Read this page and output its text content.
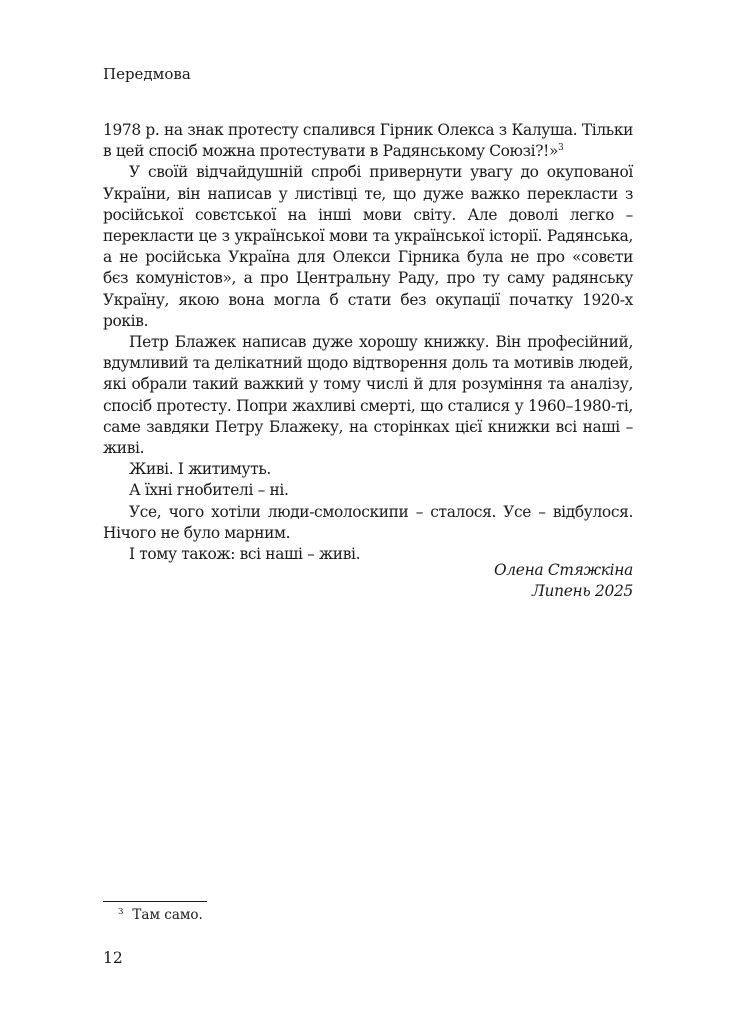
Передмова

1978 р. на знак протесту спалився Гірник Олекса з Калуша. Тільки в цей спосіб можна протестувати в Радянському Союзі?!»$^3$

У своїй відчайдушній спробі привернути увагу до окупованої України, він написав у листівці те, що дуже важко перекласти з російської совєтської на інші мови світу. Але доволі легко – перекласти це з української мови та української історії. Радянська, а не російська Україна для Олекси Гірника була не про «совєти бєз комуністов», а про Центральну Раду, про ту саму радянську Україну, якою вона могла б стати без окупації початку 1920-х років.

Петр Блажек написав дуже хорошу книжку. Він професійний, вдумливий та делікатний щодо відтворення доль та мотивів людей, які обрали такий важкий у тому числі й для розуміння та аналізу, спосіб протесту. Попри жахливі смерті, що сталися у 1960–1980-ті, саме завдяки Петру Блажеку, на сторінках цієї книжки всі наші – живі.

Живі. І житимуть.

А їхні гнобителі – ні.

Усе, чого хотіли люди-смолоскипи – сталося. Усе – відбулося. Нічого не було марним.

І тому також: всі наші – живі.

Олена Стяжкіна
Липень 2025
$^3$ Там само.
12
